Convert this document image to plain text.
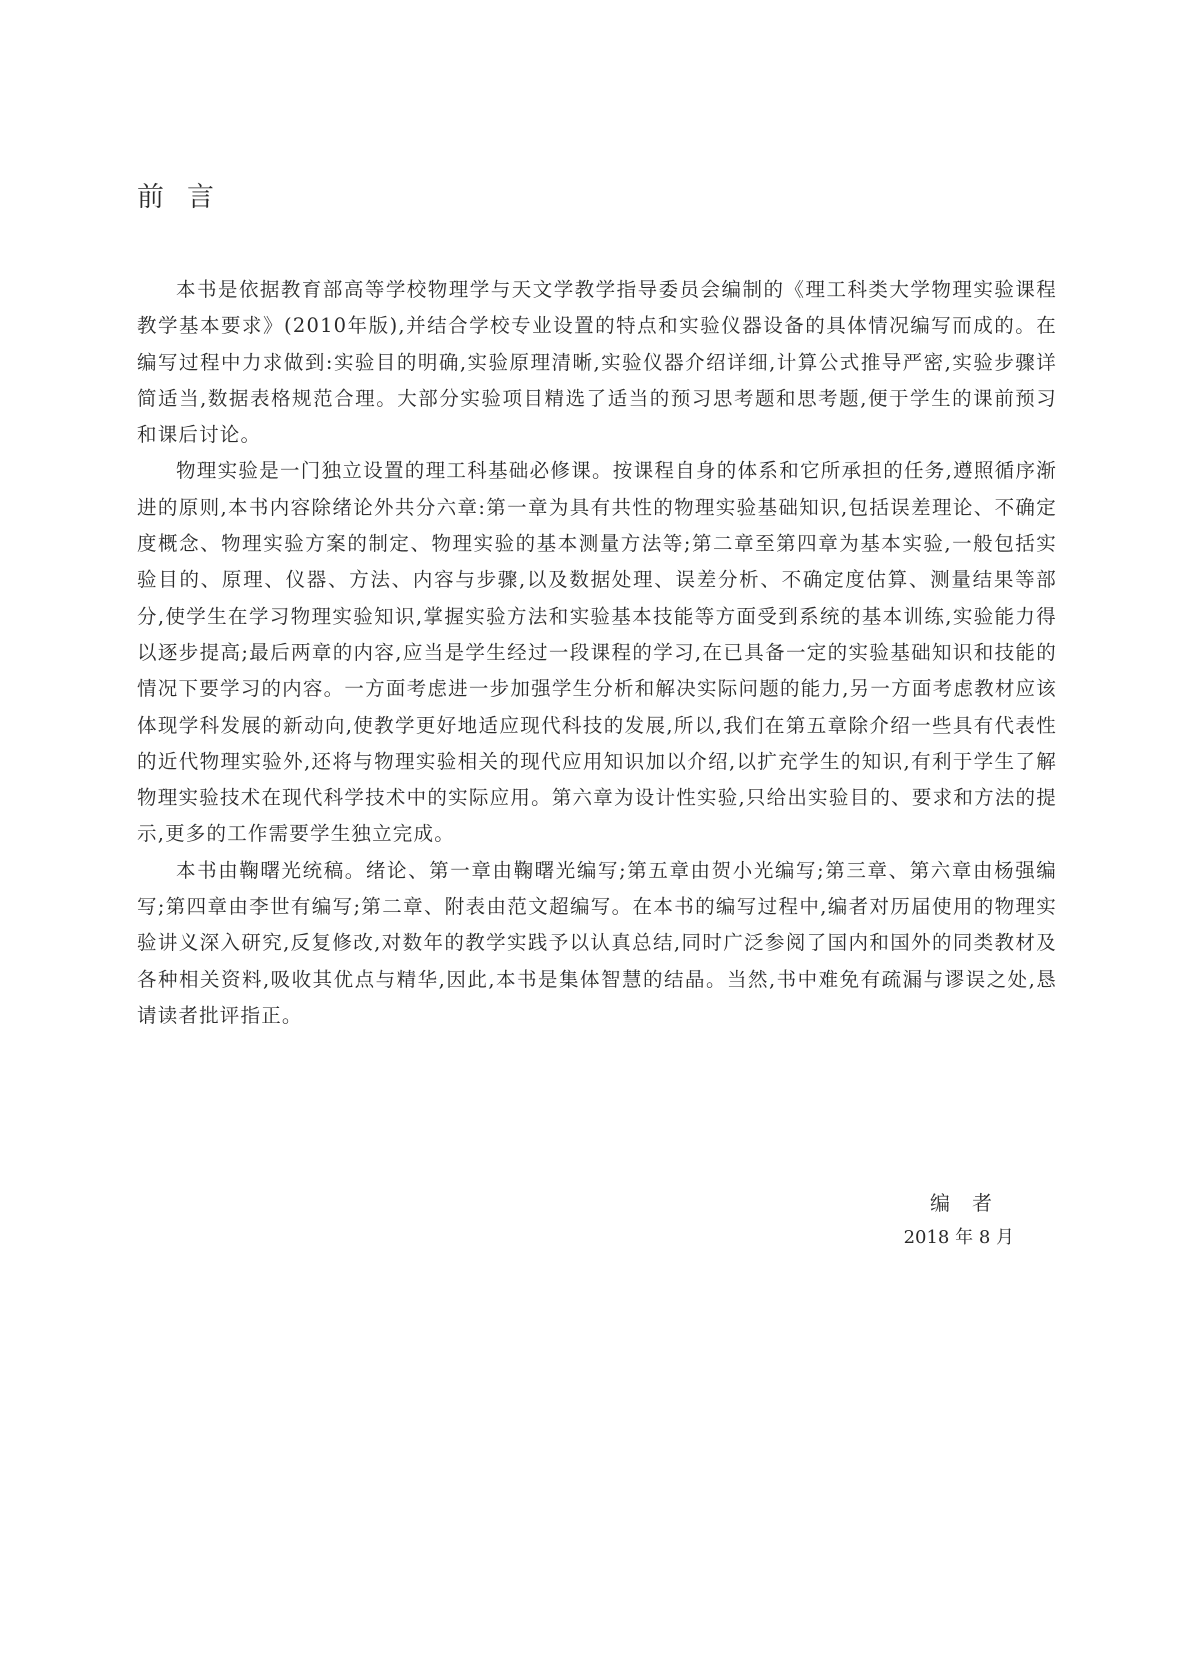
前言

本书是依据教育部高等学校物理学与天文学教学指导委员会编制的《理工科类大学物理实验课程教学基本要求》(2010年版),并结合学校专业设置的特点和实验仪器设备的具体情况编写而成的。在编写过程中力求做到:实验目的明确,实验原理清晰,实验仪器介绍详细,计算公式推导严密,实验步骤详简适当,数据表格规范合理。大部分实验项目精选了适当的预习思考题和思考题,便于学生的课前预习和课后讨论。

物理实验是一门独立设置的理工科基础必修课。按课程自身的体系和它所承担的任务,遵照循序渐进的原则,本书内容除绪论外共分六章:第一章为具有共性的物理实验基础知识,包括误差理论、不确定度概念、物理实验方案的制定、物理实验的基本测量方法等;第二章至第四章为基本实验,一般包括实验目的、原理、仪器、方法、内容与步骤,以及数据处理、误差分析、不确定度估算、测量结果等部分,使学生在学习物理实验知识,掌握实验方法和实验基本技能等方面受到系统的基本训练,实验能力得以逐步提高;最后两章的内容,应当是学生经过一段课程的学习,在已具备一定的实验基础知识和技能的情况下要学习的内容。一方面考虑进一步加强学生分析和解决实际问题的能力,另一方面考虑教材应该体现学科发展的新动向,使教学更好地适应现代科技的发展,所以,我们在第五章除介绍一些具有代表性的近代物理实验外,还将与物理实验相关的现代应用知识加以介绍,以扩充学生的知识,有利于学生了解物理实验技术在现代科学技术中的实际应用。第六章为设计性实验,只给出实验目的、要求和方法的提示,更多的工作需要学生独立完成。

本书由鞠曙光统稿。绪论、第一章由鞠曙光编写;第五章由贺小光编写;第三章、第六章由杨强编写;第四章由李世有编写;第二章、附表由范文超编写。在本书的编写过程中,编者对历届使用的物理实验讲义深入研究,反复修改,对数年的教学实践予以认真总结,同时广泛参阅了国内和国外的同类教材及各种相关资料,吸收其优点与精华,因此,本书是集体智慧的结晶。当然,书中难免有疏漏与谬误之处,恳请读者批评指正。

编者

2018 年 8 月
